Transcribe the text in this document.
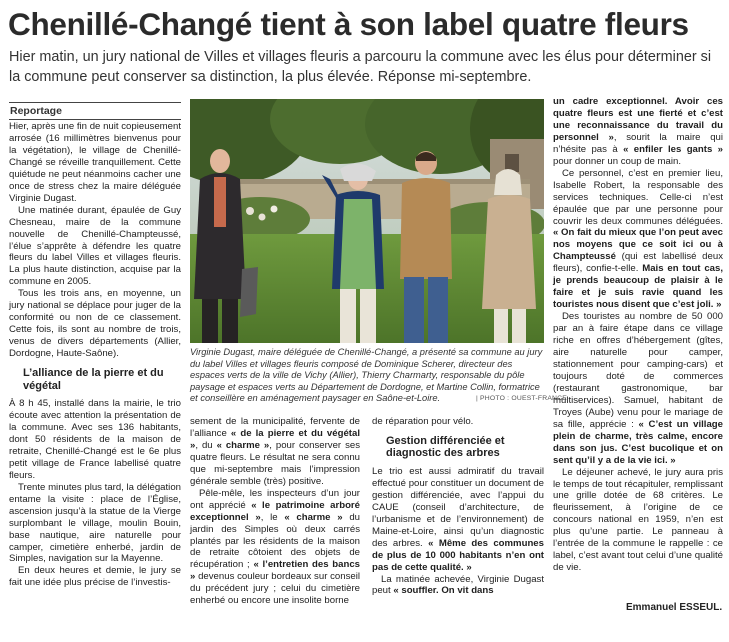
Chenillé-Changé tient à son label quatre fleurs
Hier matin, un jury national de Villes et villages fleuris a parcouru la commune avec les élus pour déterminer si la commune peut conserver sa distinction, la plus élevée. Réponse mi-septembre.
Reportage

Hier, après une fin de nuit copieusement arrosée (16 millimètres bienvenus pour la végétation), le village de Chenillé-Changé se réveille tranquillement. Cette quiétude ne peut néanmoins cacher une once de stress chez la maire déléguée Virginie Dugast.

Une matinée durant, épaulée de Guy Chesneau, maire de la commune nouvelle de Chenillé-Champteussé, l’élue s’apprête à défendre les quatre fleurs du label Villes et villages fleuris. La plus haute distinction, acquise par la commune en 2005.

Tous les trois ans, en moyenne, un jury national se déplace pour juger de la conformité ou non de ce classement. Cette fois, ils sont au nombre de trois, venus de divers départements (Allier, Dordogne, Haute-Saône).

L’alliance de la pierre et du végétal

À 8 h 45, installé dans la mairie, le trio écoute avec attention la présentation de la commune. Avec ses 136 habitants, dont 50 résidents de la maison de retraite, Chenillé-Changé est le 6e plus petit village de France labellisé quatre fleurs.

Trente minutes plus tard, la délégation entame la visite : place de l’Église, ascension jusqu’à la statue de la Vierge surplombant le village, moulin Bouin, base nautique, aire naturelle pour camper, cimetière enherbé, jardin de Simples, navigation sur la Mayenne.

En deux heures et demie, le jury se fait une idée plus précise de l’investis-

Virginie Dugast, maire déléguée de Chenillé-Changé, a présenté sa commune au jury du label Villes et villages fleuris composé de Dominique Scherer, directeur des espaces verts de la ville de Vichy (Allier), Thierry Charmarty, responsable du pôle paysage et espaces verts au Département de Dordogne, et Martine Collin, formatrice et conseillère en aménagement paysager en Saône-et-Loire.	| PHOTO : OUEST-FRANCE

sement de la municipalité, fervente de l’alliance « de la pierre et du végétal », du « charme », pour conserver ses quatre fleurs. Le résultat ne sera connu que mi-septembre mais l’impression générale semble (très) positive.

Pêle-mêle, les inspecteurs d’un jour ont apprécié « le patrimoine arboré exceptionnel », le « charme » du jardin des Simples où deux carrés plantés par les résidents de la maison de retraite côtoient des objets de récupération ; « l’entretien des bancs » devenus couleur bordeaux sur conseil du précédent jury ; celui du cimetière enherbé ou encore une insolite borne

de réparation pour vélo.

Gestion différenciée et diagnostic des arbres

Le trio est aussi admiratif du travail effectué pour constituer un document de gestion différenciée, avec l’appui du CAUE (conseil d’architecture, de l’urbanisme et de l’environnement) de Maine-et-Loire, ainsi qu’un diagnostic des arbres. « Même des communes de plus de 10 000 habitants n’en ont pas de cette qualité. »

La matinée achevée, Virginie Dugast peut « souffler. On vit dans

un cadre exceptionnel. Avoir ces quatre fleurs est une fierté et c’est une reconnaissance du travail du personnel », sourit la maire qui n’hésite pas à « enfiler les gants » pour donner un coup de main.

Ce personnel, c’est en premier lieu, Isabelle Robert, la responsable des services techniques. Celle-ci n’est épaulée que par une personne pour couvrir les deux communes déléguées. « On fait du mieux que l’on peut avec nos moyens que ce soit ici ou à Champteussé (qui est labellisé deux fleurs), confie-t-elle. Mais en tout cas, je prends beaucoup de plaisir à le faire et je suis ravie quand les touristes nous disent que c’est joli. »

Des touristes au nombre de 50 000 par an à faire étape dans ce village riche en offres d’hébergement (gîtes, aire naturelle pour camper, stationnement pour camping-cars) et toujours doté de commerces (restaurant gastronomique, bar multiservices). Samuel, habitant de Troyes (Aube) venu pour le mariage de sa fille, apprécie : « C’est un village plein de charme, très calme, encore dans son jus. C’est bucolique et on sent qu’il y a de la vie ici. »

Le déjeuner achevé, le jury aura pris le temps de tout récapituler, remplissant une grille dotée de 68 critères. Le fleurissement, à l’origine de ce concours national en 1959, n’en est plus qu’une partie. Le panneau à l’entrée de la commune le rappelle : ce label, c’est avant tout celui d’une qualité de vie.

Emmanuel ESSEUL.
